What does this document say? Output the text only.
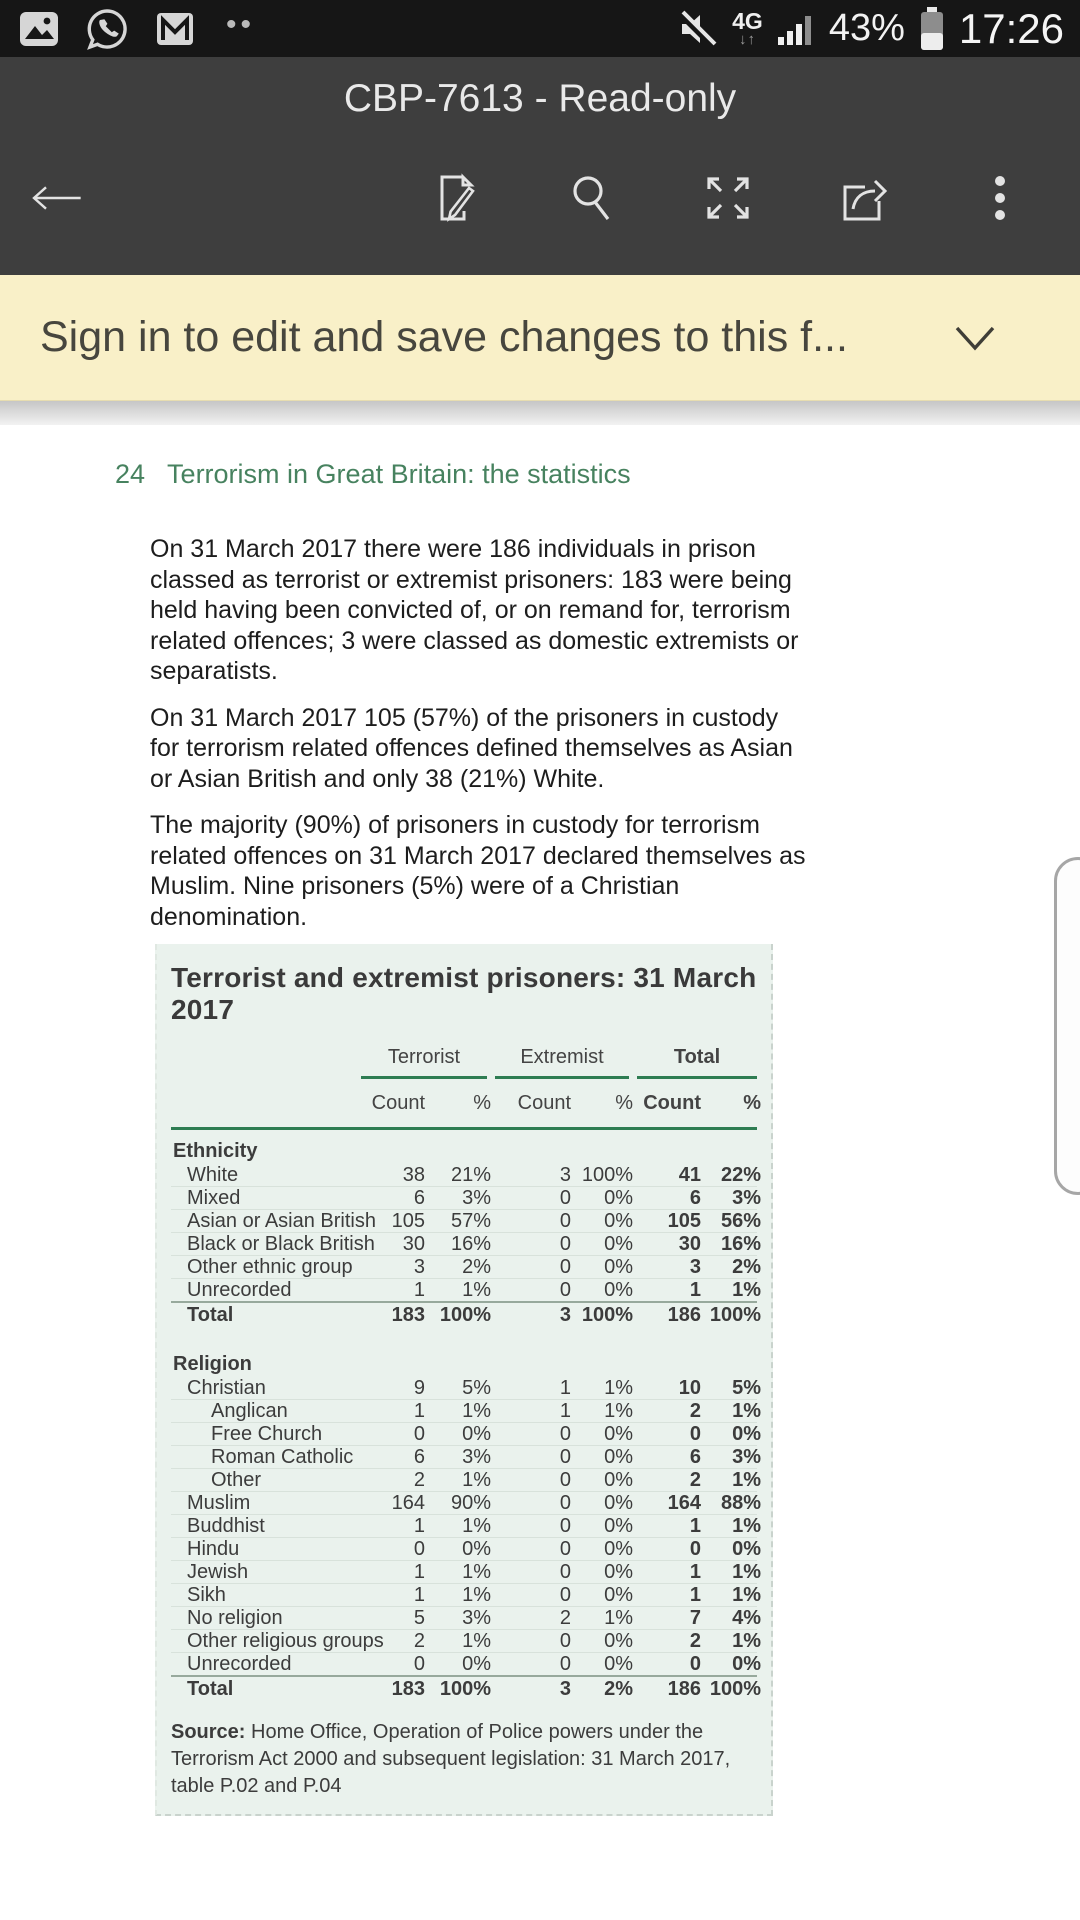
••	4G
↓↑ 43% 17:26
CBP-7613 - Read-only
Sign in to edit and save changes to this f...
24 Terrorism in Great Britain: the statistics

On 31 March 2017 there were 186 individuals in prison classed as terrorist or extremist prisoners: 183 were being held having been convicted of, or on remand for, terrorism related offences; 3 were classed as domestic extremists or separatists.

On 31 March 2017 105 (57%) of the prisoners in custody for terrorism related offences defined themselves as Asian or Asian British and only 38 (21%) White.

The majority (90%) of prisoners in custody for terrorism related offences on 31 March 2017 declared themselves as Muslim. Nine prisoners (5%) were of a Christian denomination.

Terrorist and extremist prisoners: 31 March 2017
Terrorist	Extremist	Total
Count	%	Count	% Count	%
Ethnicity
White	38	21%	3 100%	41 22%
Mixed	6	3%	0	0%	6	3%
Asian or Asian British 105	57%	0	0%	105 56%
Black or Black British	30	16%	0	0%	30 16%
Other ethnic group	3	2%	0	0%	3	2%
Unrecorded	1	1%	0	0%	1	1%
Total	183 100%	3 100%	186 100%
Religion
Christian	9	5%	1	1%	10	5%
Anglican	1	1%	1	1%	2	1%
Free Church	0	0%	0	0%	0	0%
Roman Catholic	6	3%	0	0%	6	3%
Other	2	1%	0	0%	2	1%
Muslim	164	90%	0	0%	164 88%
Buddhist	1	1%	0	0%	1	1%
Hindu	0	0%	0	0%	0	0%
Jewish	1	1%	0	0%	1	1%
Sikh	1	1%	0	0%	1	1%
No religion	5	3%	2	1%	7	4%
Other religious groups	2	1%	0	0%	2	1%
Unrecorded	0	0%	0	0%	0	0%
Total	183 100%	3	2%	186 100%
Source: Home Office, Operation of Police powers under the Terrorism Act 2000 and subsequent legislation: 31 March 2017, table P.02 and P.04
